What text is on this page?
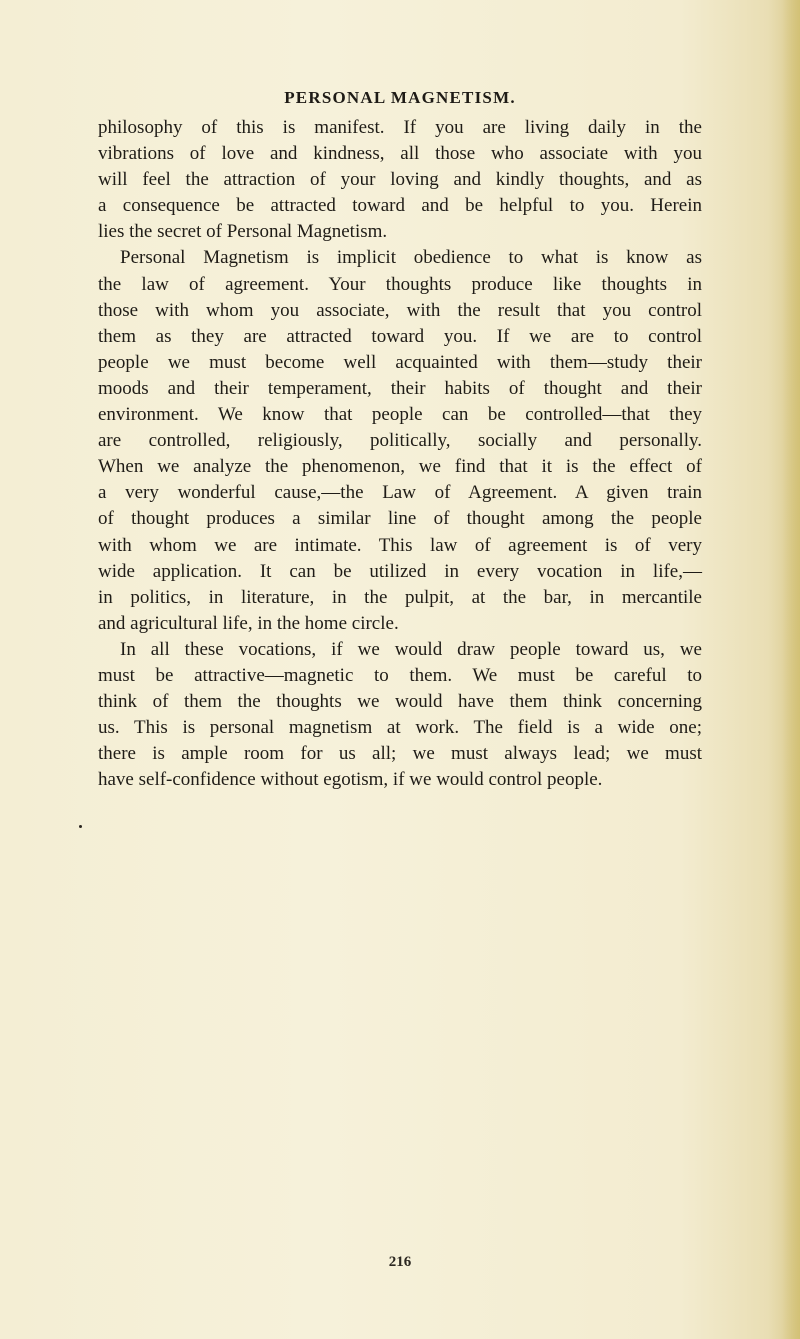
PERSONAL MAGNETISM.
philosophy of this is manifest. If you are living daily in the
vibrations of love and kindness, all those who associate with you
will feel the attraction of your loving and kindly thoughts, and as
a consequence be attracted toward and be helpful to you. Herein
lies the secret of Personal Magnetism.
Personal Magnetism is implicit obedience to what is know as
the law of agreement. Your thoughts produce like thoughts in
those with whom you associate, with the result that you control
them as they are attracted toward you. If we are to control
people we must become well acquainted with them—study their
moods and their temperament, their habits of thought and their
environment. We know that people can be controlled—that they
are controlled, religiously, politically, socially and personally.
When we analyze the phenomenon, we find that it is the effect of
a very wonderful cause,—the Law of Agreement. A given train
of thought produces a similar line of thought among the people
with whom we are intimate. This law of agreement is of very
wide application. It can be utilized in every vocation in life,—
in politics, in literature, in the pulpit, at the bar, in mercantile
and agricultural life, in the home circle.
In all these vocations, if we would draw people toward us, we
must be attractive—magnetic to them. We must be careful to
think of them the thoughts we would have them think concerning
us. This is personal magnetism at work. The field is a wide one;
there is ample room for us all; we must always lead; we must
have self-confidence without egotism, if we would control people.
216
